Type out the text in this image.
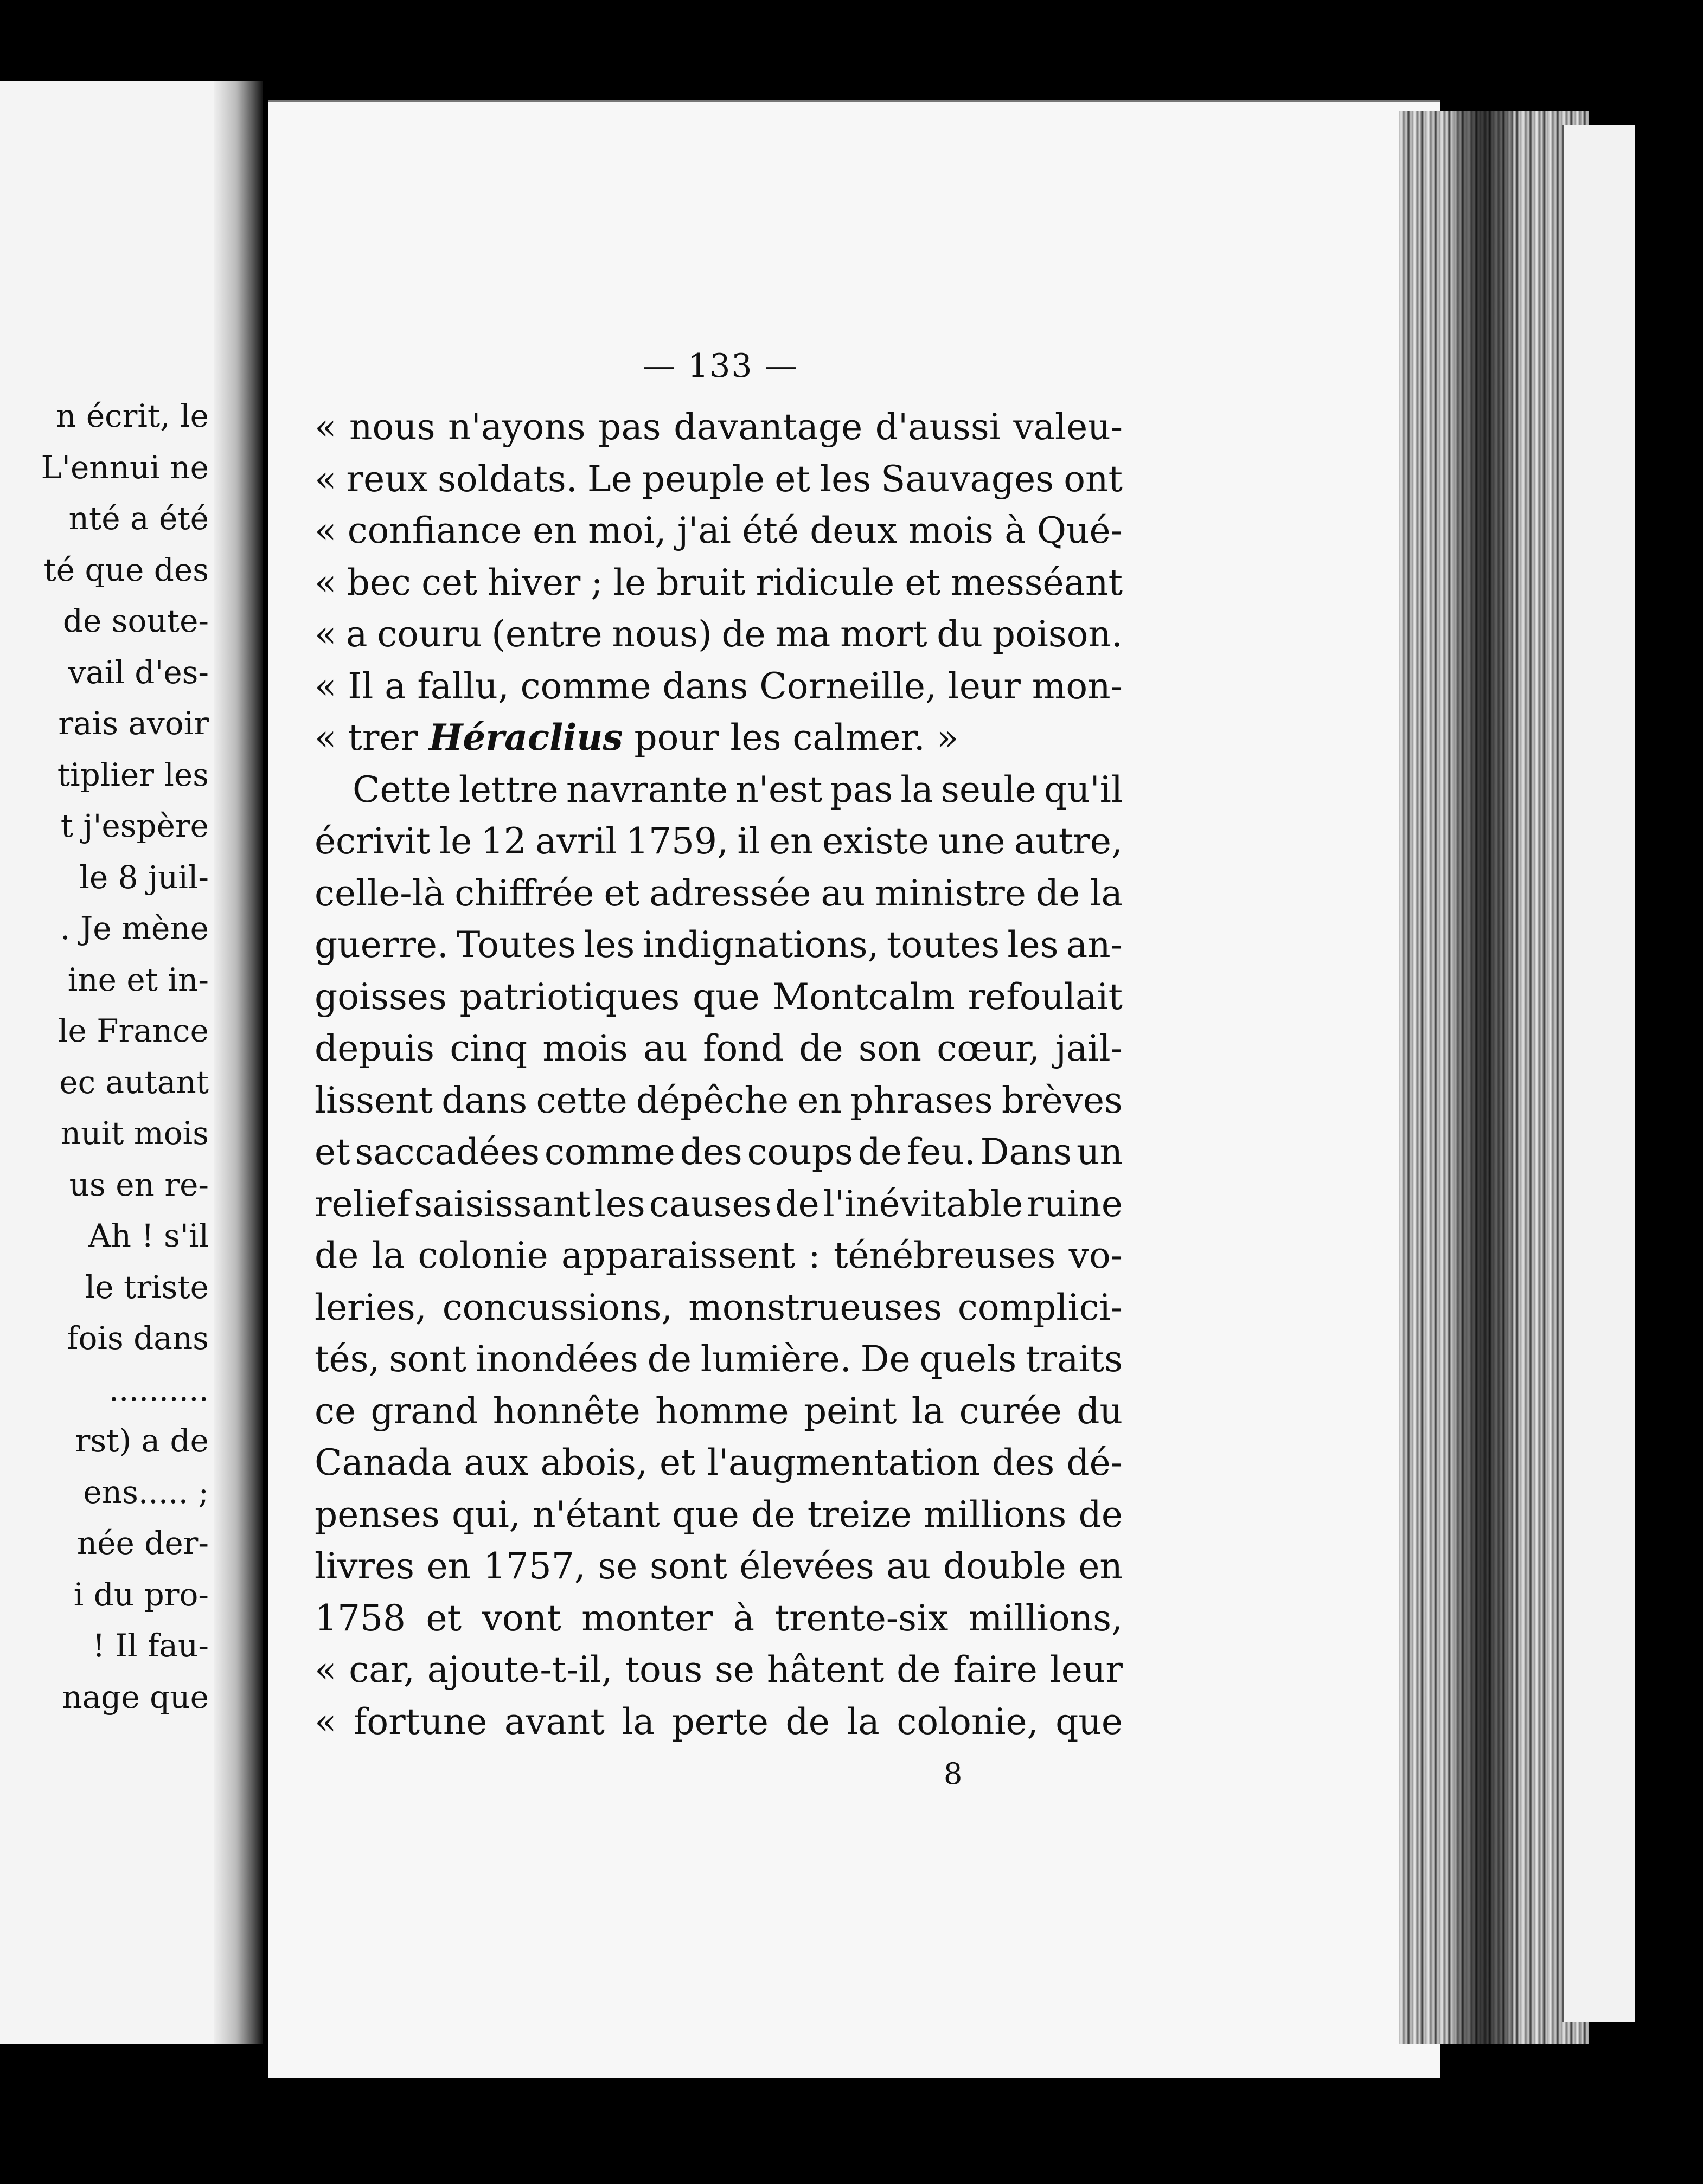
n écrit, le
L'ennui ne
nté a été
té que des
de soute-
vail d'es-
rais avoir
tiplier les
t j'espère
le 8 juil-
. Je mène
ine et in-
le France
ec autant
nuit mois
us en re-
Ah ! s'il
le triste
fois dans
..........
rst) a de
ens..... ;
née der-
i du pro-
! Il fau-
nage que
— 133 —
« nous n'ayons pas davantage d'aussi valeu-
« reux soldats. Le peuple et les Sauvages ont
« confiance en moi, j'ai été deux mois à Qué-
« bec cet hiver ; le bruit ridicule et messéant
« a couru (entre nous) de ma mort du poison.
« Il a fallu, comme dans Corneille, leur mon-
« trer Héraclius pour les calmer. »
Cette lettre navrante n'est pas la seule qu'il
écrivit le 12 avril 1759, il en existe une autre,
celle-là chiffrée et adressée au ministre de la
guerre. Toutes les indignations, toutes les an-
goisses patriotiques que Montcalm refoulait
depuis cinq mois au fond de son cœur, jail-
lissent dans cette dépêche en phrases brèves
et saccadées comme des coups de feu. Dans un
relief saisissant les causes de l'inévitable ruine
de la colonie apparaissent : ténébreuses vo-
leries, concussions, monstrueuses complici-
tés, sont inondées de lumière. De quels traits
ce grand honnête homme peint la curée du
Canada aux abois, et l'augmentation des dé-
penses qui, n'étant que de treize millions de
livres en 1757, se sont élevées au double en
1758 et vont monter à trente-six millions,
« car, ajoute-t-il, tous se hâtent de faire leur
« fortune avant la perte de la colonie, que
8
